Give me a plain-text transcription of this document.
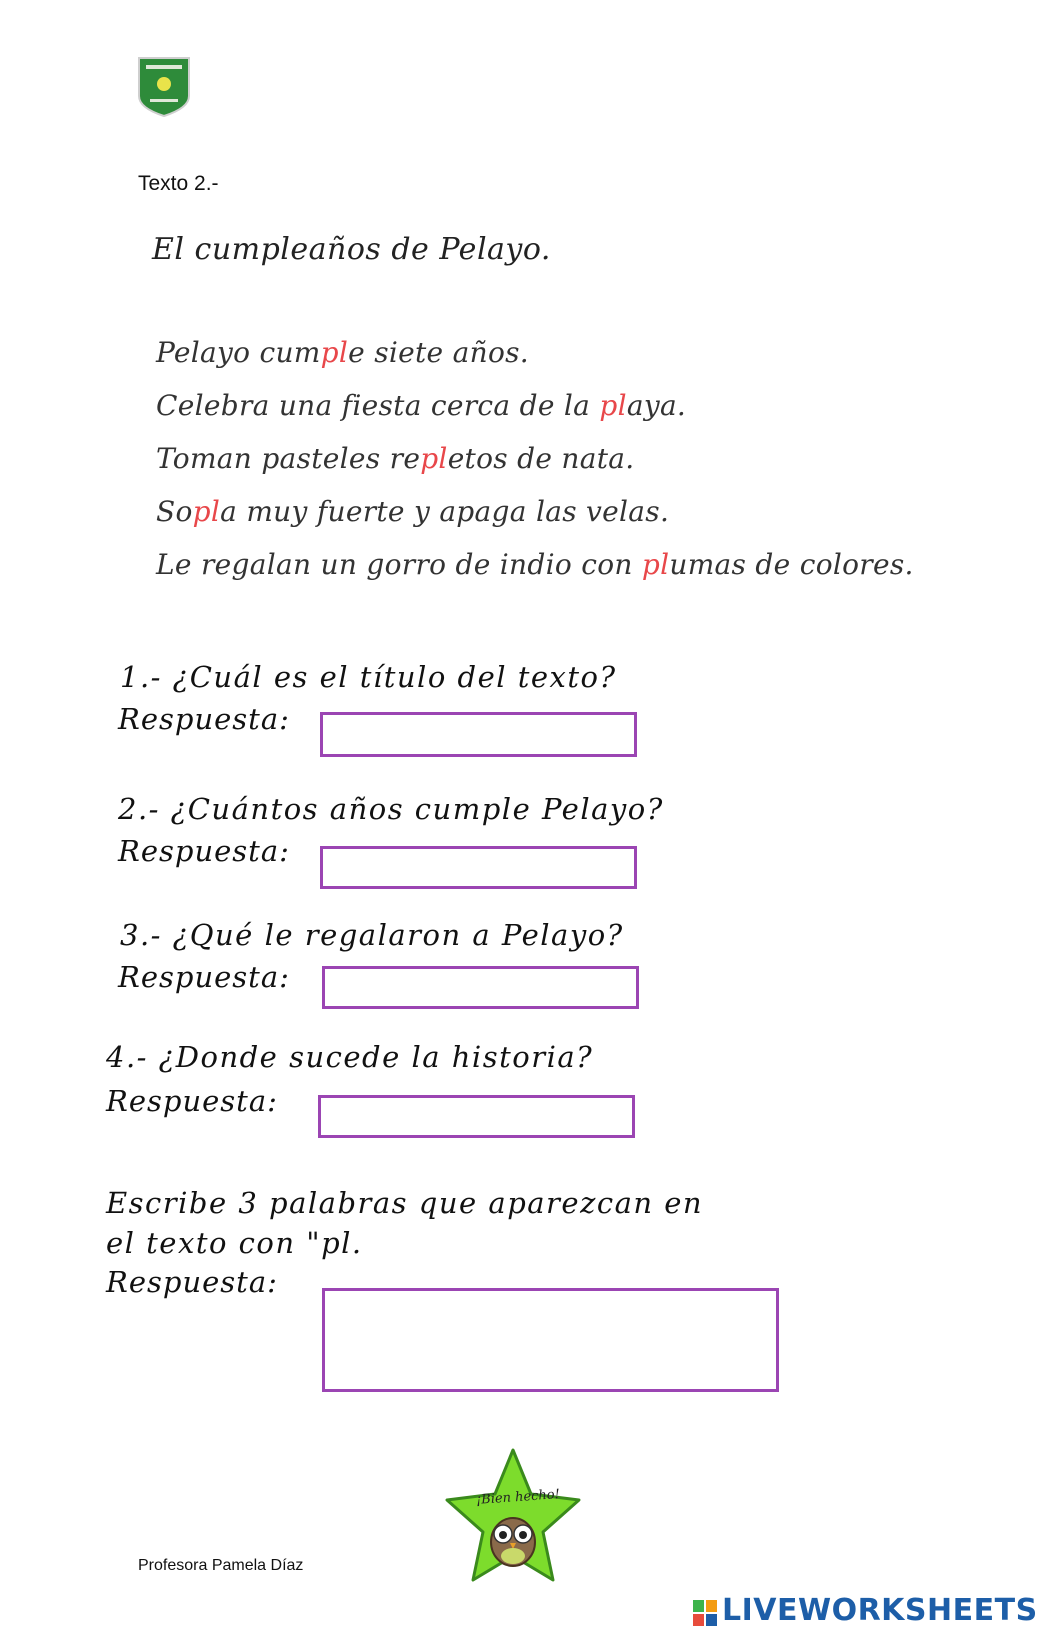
Texto 2.-
El cumpleaños de Pelayo.
Pelayo cumple siete años.
Celebra una fiesta cerca de la playa.
Toman pasteles repletos de nata.
Sopla muy fuerte y apaga las velas.
Le regalan un gorro de indio con plumas de colores.
1.- ¿Cuál es el título del texto?
Respuesta:
2.- ¿Cuántos años cumple Pelayo?
Respuesta:
3.- ¿Qué le regalaron a Pelayo?
Respuesta:
4.- ¿Donde sucede la historia?
Respuesta:
Escribe 3 palabras que aparezcan en
el texto con "pl.
Respuesta:
¡Bien hecho!
Profesora Pamela Díaz
LIVEWORKSHEETS
